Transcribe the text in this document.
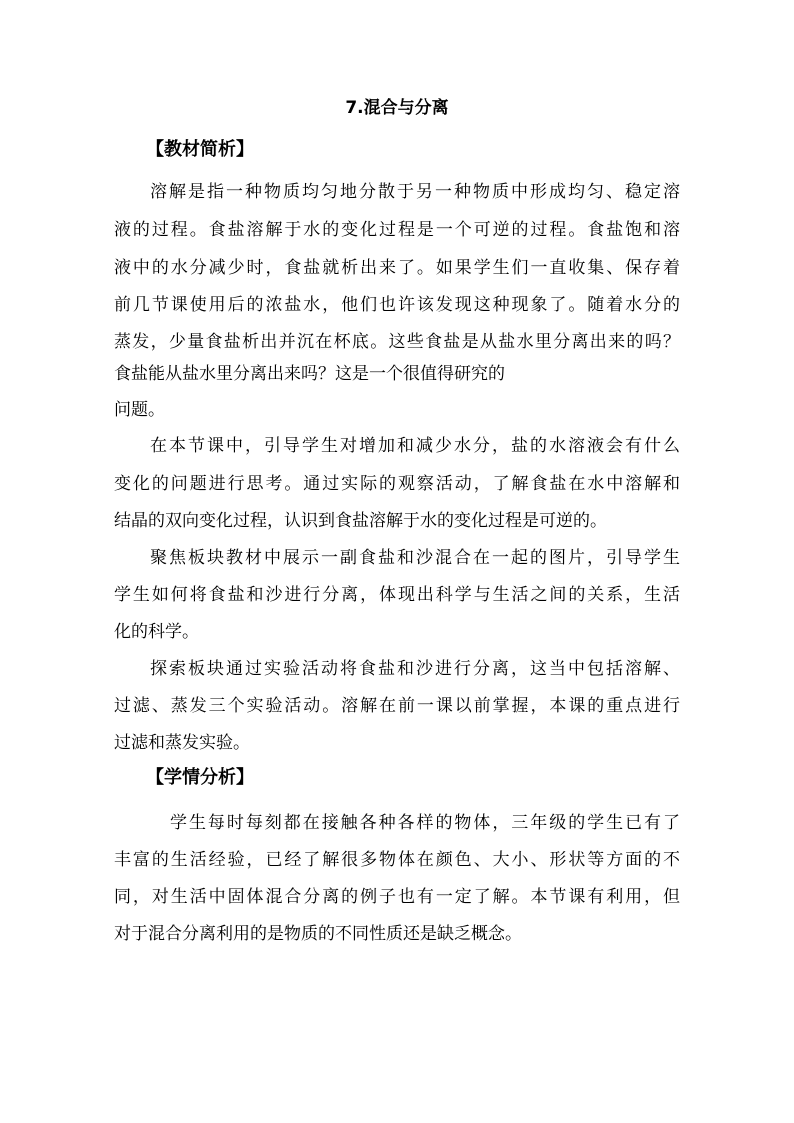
7.混合与分离
【教材简析】

溶解是指一种物质均匀地分散于另一种物质中形成均匀、稳定溶

液的过程。食盐溶解于水的变化过程是一个可逆的过程。食盐饱和溶

液中的水分减少时，食盐就析出来了。如果学生们一直收集、保存着

前几节课使用后的浓盐水，他们也许该发现这种现象了。随着水分的

蒸发，少量食盐析出并沉在杯底。这些食盐是从盐水里分离出来的吗？

食盐能从盐水里分离出来吗？这是一个很值得研究的

问题。

在本节课中，引导学生对增加和减少水分，盐的水溶液会有什么

变化的问题进行思考。通过实际的观察活动，了解食盐在水中溶解和

结晶的双向变化过程，认识到食盐溶解于水的变化过程是可逆的。

聚焦板块教材中展示一副食盐和沙混合在一起的图片，引导学生

学生如何将食盐和沙进行分离，体现出科学与生活之间的关系，生活

化的科学。

探索板块通过实验活动将食盐和沙进行分离，这当中包括溶解、

过滤、蒸发三个实验活动。溶解在前一课以前掌握，本课的重点进行

过滤和蒸发实验。

【学情分析】

学生每时每刻都在接触各种各样的物体，三年级的学生已有了

丰富的生活经验，已经了解很多物体在颜色、大小、形状等方面的不

同，对生活中固体混合分离的例子也有一定了解。本节课有利用，但

对于混合分离利用的是物质的不同性质还是缺乏概念。
